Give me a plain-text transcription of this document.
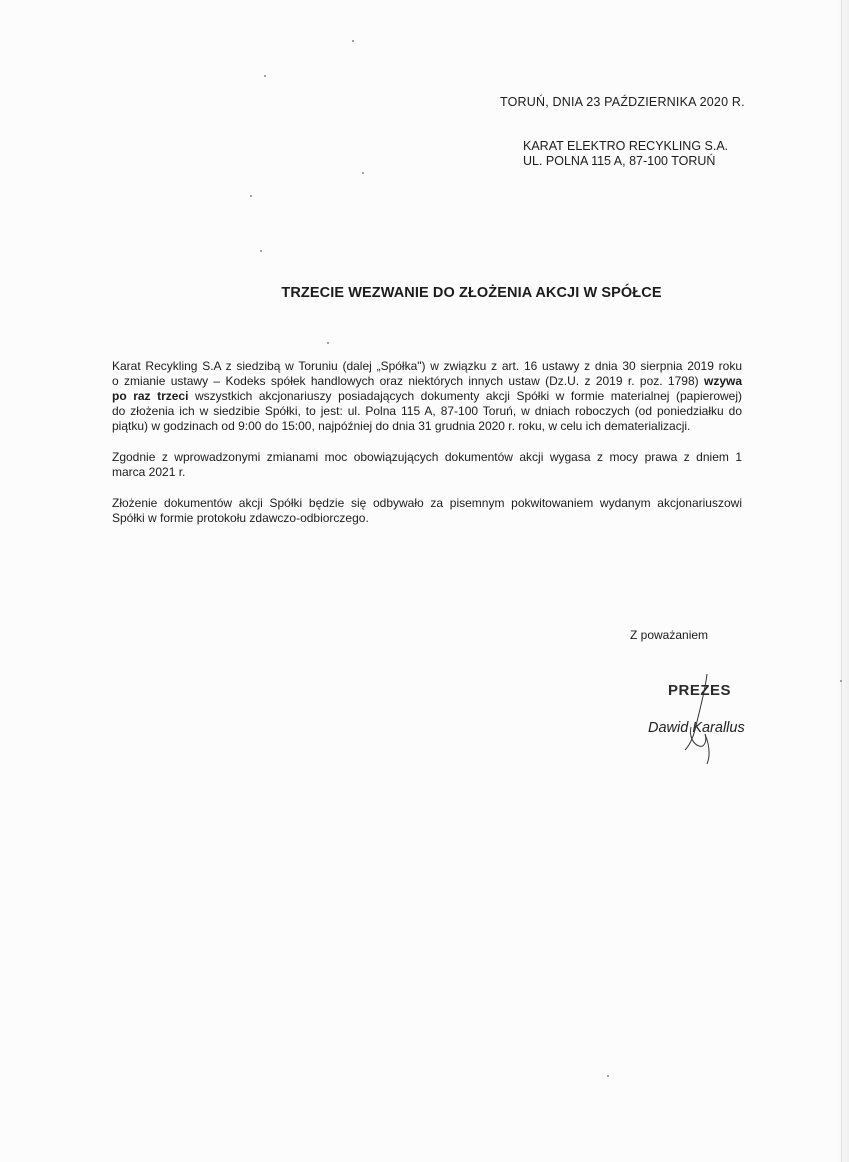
TORUŃ, DNIA 23 PAŹDZIERNIKA 2020 R.
KARAT ELEKTRO RECYKLING S.A.
UL. POLNA 115 A, 87-100 TORUŃ
TRZECIE WEZWANIE DO ZŁOŻENIA AKCJI W SPÓŁCE

Karat Recykling S.A z siedzibą w Toruniu (dalej „Spółka") w związku z art. 16 ustawy z dnia 30 sierpnia 2019 roku
o zmianie ustawy – Kodeks spółek handlowych oraz niektórych innych ustaw (Dz.U. z 2019 r. poz. 1798) wzywa
po raz trzeci wszystkich akcjonariuszy posiadających dokumenty akcji Spółki w formie materialnej (papierowej)
do złożenia ich w siedzibie Spółki, to jest: ul. Polna 115 A, 87-100 Toruń, w dniach roboczych (od poniedziałku do
piątku) w godzinach od 9:00 do 15:00, najpóźniej do dnia 31 grudnia 2020 r. roku, w celu ich dematerializacji.

Zgodnie z wprowadzonymi zmianami moc obowiązujących dokumentów akcji wygasa z mocy prawa z dniem 1
marca 2021 r.

Złożenie dokumentów akcji Spółki będzie się odbywało za pisemnym pokwitowaniem wydanym akcjonariuszowi
Spółki w formie protokołu zdawczo-odbiorczego.

Z poważaniem
PREZES
Dawid Karallus
